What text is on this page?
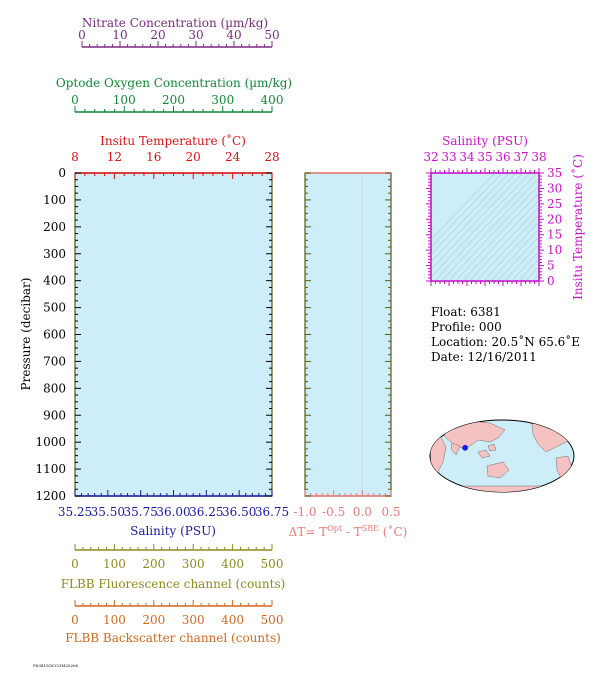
Nitrate Concentration (µm/kg)
0 10 20 30 40 50
Optode Oxygen Concentration (µm/kg)
0	100 200 300 400
Insitu Temperature (˚C)
8 12 16 20 24 28
35.25
35.50
35.75
36.00
36.25
36.50
36.75
0
100
200
300
400
500
600
700
800
900
1000
1100
1200
Salinity (PSU)
Pressure (decibar)
-1.0 -0.5 0.0 0.5
$\Delta T= T^{Opt} - T^{SBE}$ (˚C)
0 100 200 300 400 500
FLBB Fluorescence channel (counts)
0 100 200 300 400 500
FLBB Backscatter channel (counts)
Salinity (PSU)
32 33 34 35 36 37 38
0
5
10
15
20
25
30
35 Insitu Temperature (˚C)
Float: 6381
Profile: 000
Location: 20.5˚N 65.6˚E
Date: 12/16/2011
F6381SOCCOM20260
